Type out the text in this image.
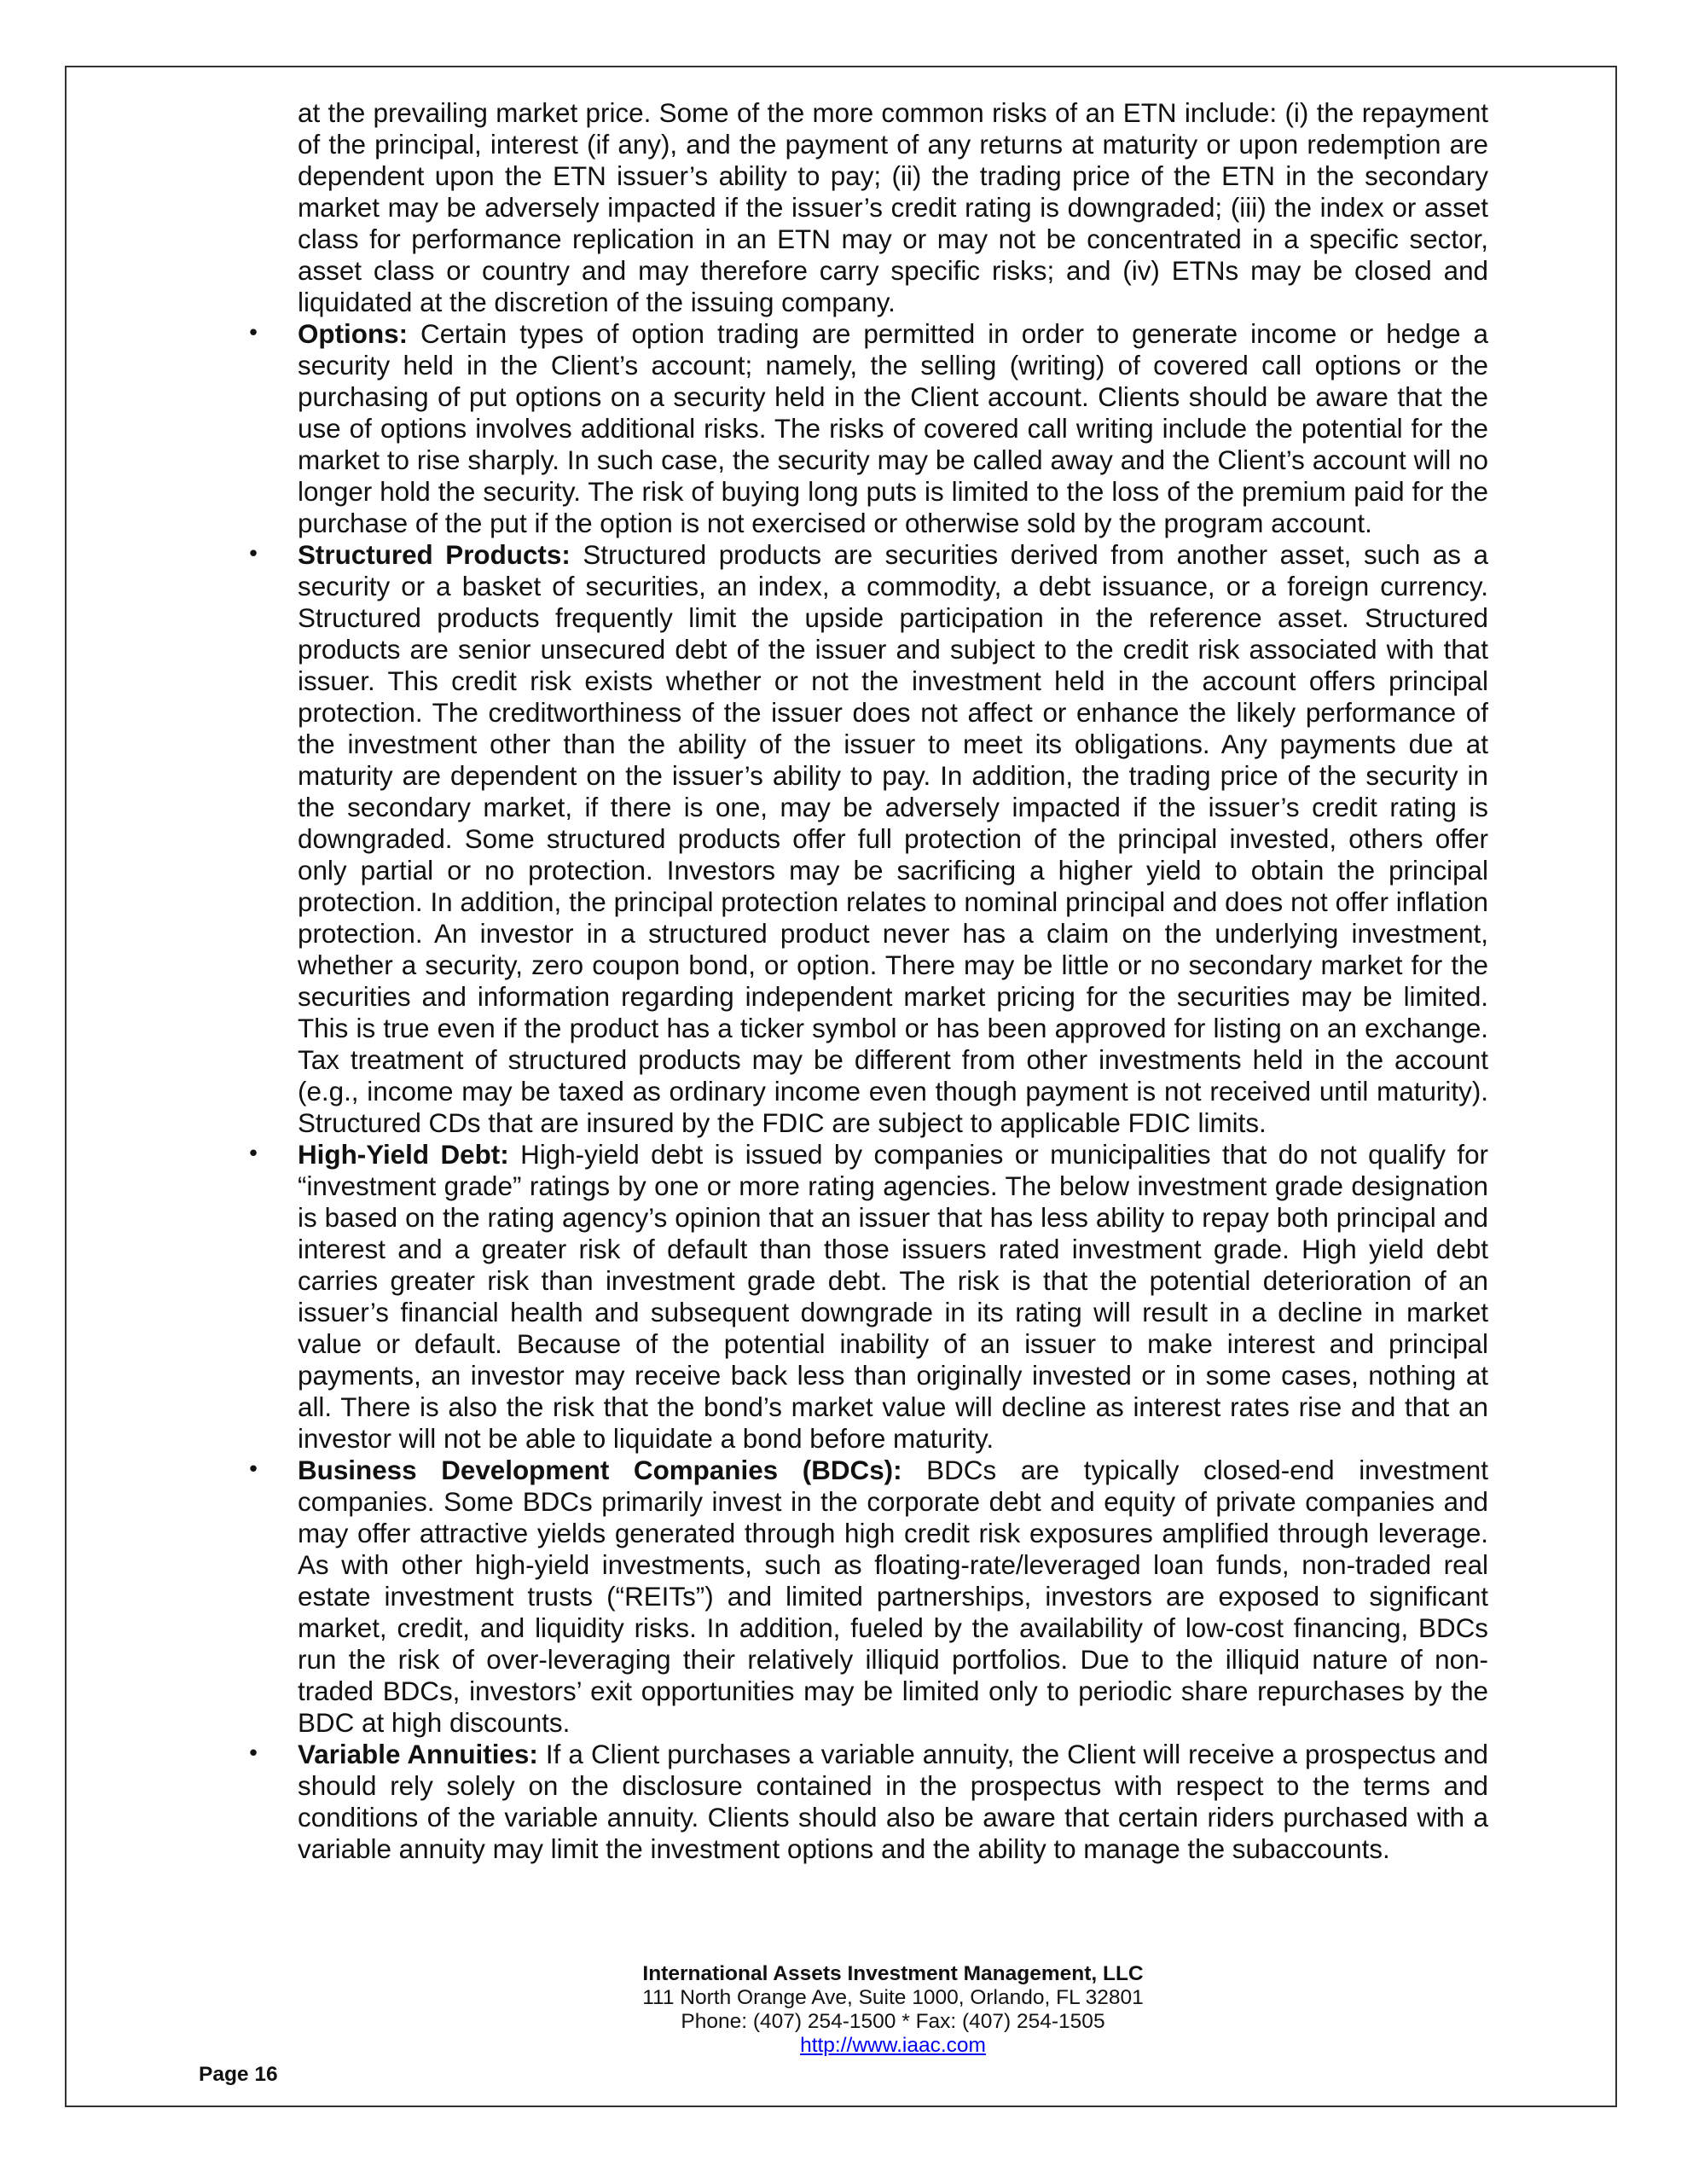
at the prevailing market price. Some of the more common risks of an ETN include: (i) the repayment of the principal, interest (if any), and the payment of any returns at maturity or upon redemption are dependent upon the ETN issuer’s ability to pay; (ii) the trading price of the ETN in the secondary market may be adversely impacted if the issuer’s credit rating is downgraded; (iii) the index or asset class for performance replication in an ETN may or may not be concentrated in a specific sector, asset class or country and may therefore carry specific risks; and (iv) ETNs may be closed and liquidated at the discretion of the issuing company.

• Options: Certain types of option trading are permitted in order to generate income or hedge a security held in the Client’s account; namely, the selling (writing) of covered call options or the purchasing of put options on a security held in the Client account. Clients should be aware that the use of options involves additional risks. The risks of covered call writing include the potential for the market to rise sharply. In such case, the security may be called away and the Client’s account will no longer hold the security. The risk of buying long puts is limited to the loss of the premium paid for the purchase of the put if the option is not exercised or otherwise sold by the program account.
• Structured Products: Structured products are securities derived from another asset, such as a security or a basket of securities, an index, a commodity, a debt issuance, or a foreign currency. Structured products frequently limit the upside participation in the reference asset. Structured products are senior unsecured debt of the issuer and subject to the credit risk associated with that issuer. This credit risk exists whether or not the investment held in the account offers principal protection. The creditworthiness of the issuer does not affect or enhance the likely performance of the investment other than the ability of the issuer to meet its obligations. Any payments due at maturity are dependent on the issuer’s ability to pay. In addition, the trading price of the security in the secondary market, if there is one, may be adversely impacted if the issuer’s credit rating is downgraded. Some structured products offer full protection of the principal invested, others offer only partial or no protection. Investors may be sacrificing a higher yield to obtain the principal protection. In addition, the principal protection relates to nominal principal and does not offer inflation protection. An investor in a structured product never has a claim on the underlying investment, whether a security, zero coupon bond, or option. There may be little or no secondary market for the securities and information regarding independent market pricing for the securities may be limited. This is true even if the product has a ticker symbol or has been approved for listing on an exchange. Tax treatment of structured products may be different from other investments held in the account (e.g., income may be taxed as ordinary income even though payment is not received until maturity). Structured CDs that are insured by the FDIC are subject to applicable FDIC limits.
• High-Yield Debt: High-yield debt is issued by companies or municipalities that do not qualify for “investment grade” ratings by one or more rating agencies. The below investment grade designation is based on the rating agency’s opinion that an issuer that has less ability to repay both principal and interest and a greater risk of default than those issuers rated investment grade. High yield debt carries greater risk than investment grade debt. The risk is that the potential deterioration of an issuer’s financial health and subsequent downgrade in its rating will result in a decline in market value or default. Because of the potential inability of an issuer to make interest and principal payments, an investor may receive back less than originally invested or in some cases, nothing at all. There is also the risk that the bond’s market value will decline as interest rates rise and that an investor will not be able to liquidate a bond before maturity.
• Business Development Companies (BDCs): BDCs are typically closed-end investment companies. Some BDCs primarily invest in the corporate debt and equity of private companies and may offer attractive yields generated through high credit risk exposures amplified through leverage. As with other high-yield investments, such as floating-rate/leveraged loan funds, non-traded real estate investment trusts (“REITs”) and limited partnerships, investors are exposed to significant market, credit, and liquidity risks. In addition, fueled by the availability of low-cost financing, BDCs run the risk of over-leveraging their relatively illiquid portfolios. Due to the illiquid nature of non-traded BDCs, investors’ exit opportunities may be limited only to periodic share repurchases by the BDC at high discounts.
• Variable Annuities: If a Client purchases a variable annuity, the Client will receive a prospectus and should rely solely on the disclosure contained in the prospectus with respect to the terms and conditions of the variable annuity. Clients should also be aware that certain riders purchased with a variable annuity may limit the investment options and the ability to manage the subaccounts.
International Assets Investment Management, LLC
111 North Orange Ave, Suite 1000, Orlando, FL 32801
Phone: (407) 254-1500 * Fax: (407) 254-1505
http://www.iaac.com
Page 16
